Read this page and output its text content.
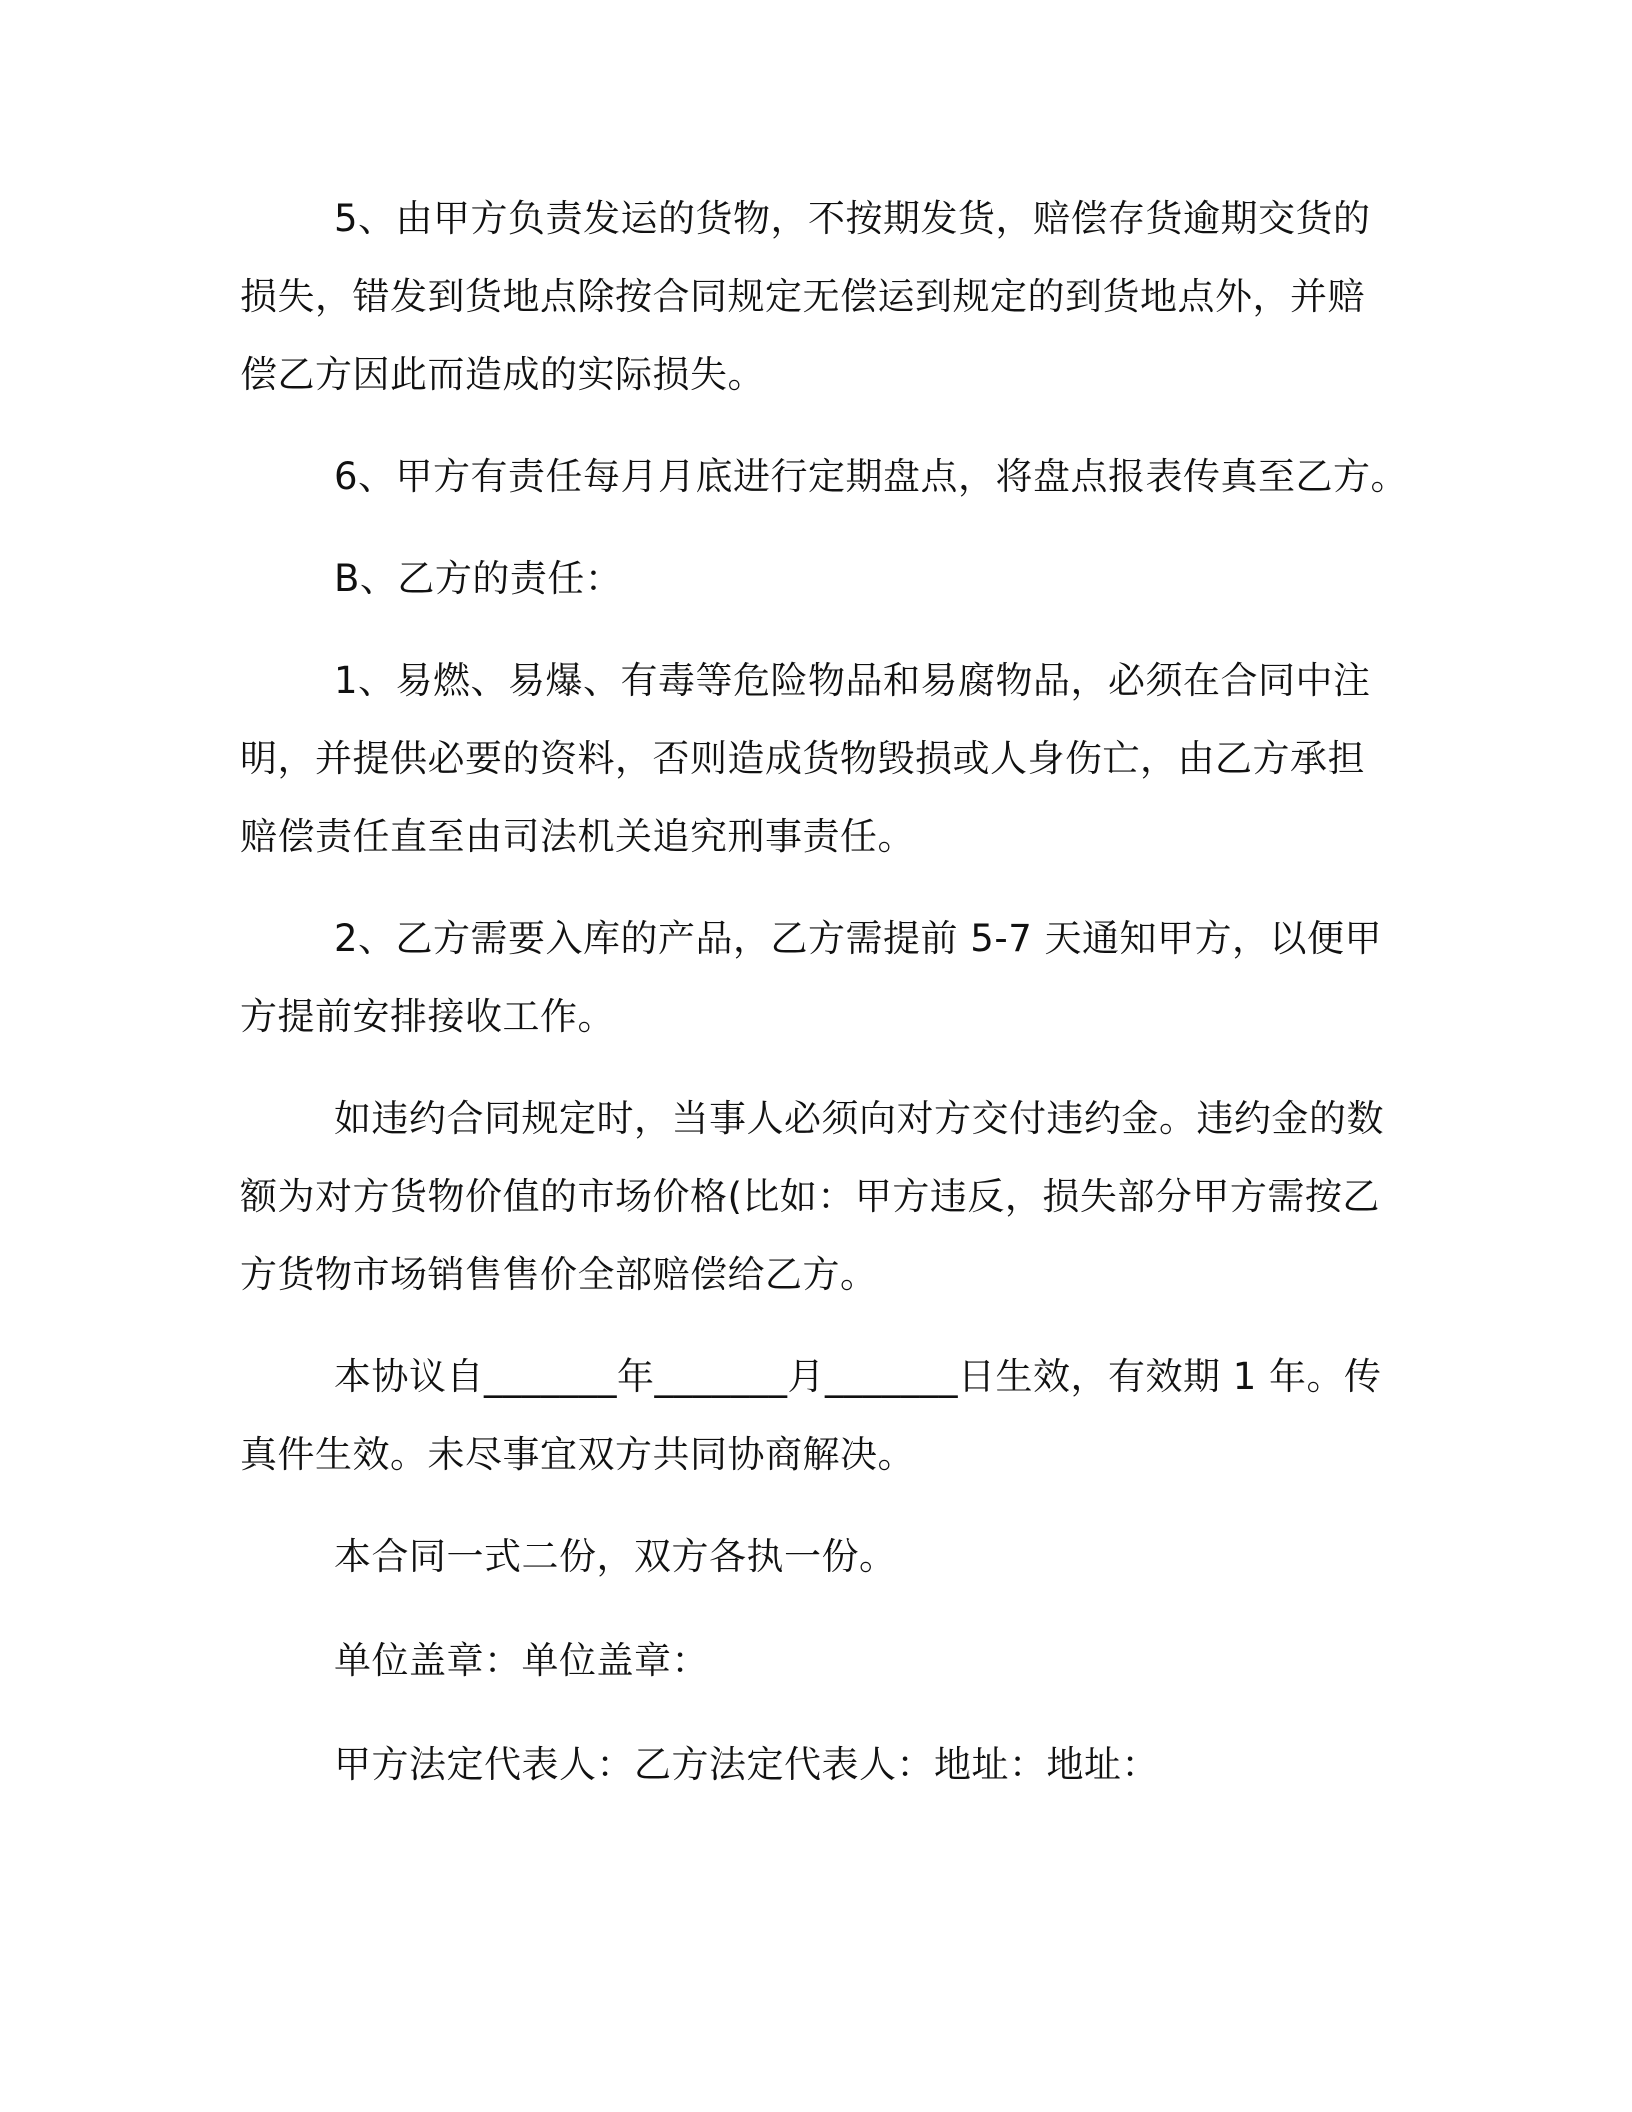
5、由甲方负责发运的货物，不按期发货，赔偿存货逾期交货的损失，错发到货地点除按合同规定无偿运到规定的到货地点外，并赔偿乙方因此而造成的实际损失。

6、甲方有责任每月月底进行定期盘点，将盘点报表传真至乙方。

B、乙方的责任：

1、易燃、易爆、有毒等危险物品和易腐物品，必须在合同中注明，并提供必要的资料，否则造成货物毁损或人身伤亡，由乙方承担赔偿责任直至由司法机关追究刑事责任。

2、乙方需要入库的产品，乙方需提前 5-7 天通知甲方，以便甲方提前安排接收工作。

如违约合同规定时，当事人必须向对方交付违约金。违约金的数额为对方货物价值的市场价格(比如：甲方违反，损失部分甲方需按乙方货物市场销售售价全部赔偿给乙方。

本协议自_______年_______月_______日生效，有效期 1 年。传真件生效。未尽事宜双方共同协商解决。

本合同一式二份，双方各执一份。

单位盖章：单位盖章：

甲方法定代表人：乙方法定代表人：地址：地址：
